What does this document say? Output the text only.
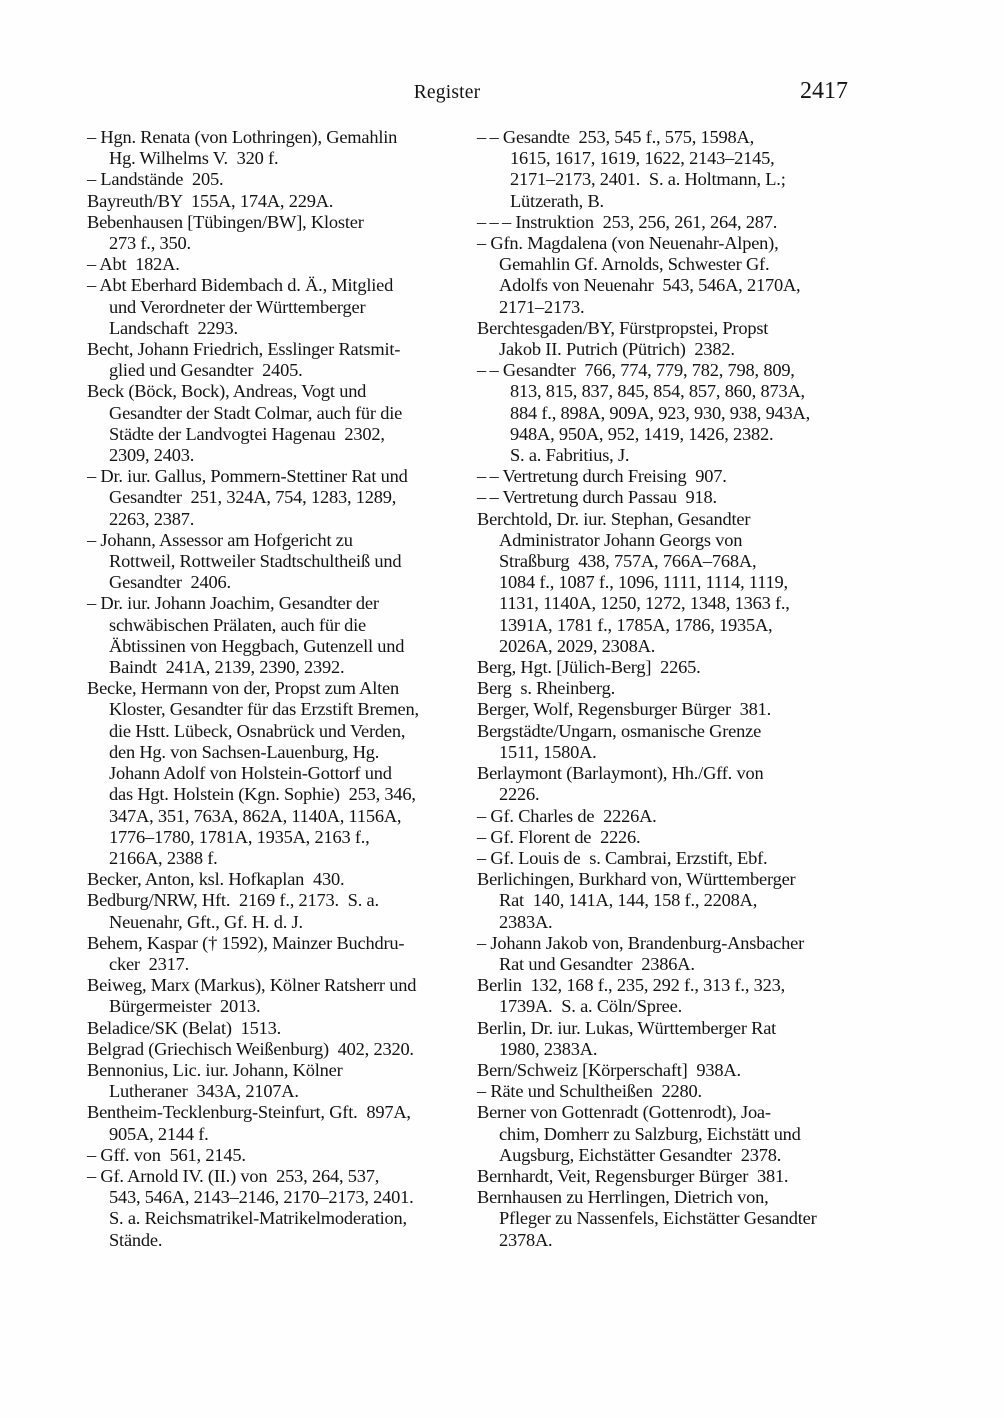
Register	2417
– Hgn. Renata (von Lothringen), Gemahlin
Hg. Wilhelms V.  320 f.
– Landstände  205.
Bayreuth/BY  155A, 174A, 229A.
Bebenhausen [Tübingen/BW], Kloster
273 f., 350.
– Abt  182A.
– Abt Eberhard Bidembach d. Ä., Mitglied
und Verordneter der Württemberger
Landschaft  2293.
Becht, Johann Friedrich, Esslinger Ratsmit-
glied und Gesandter  2405.
Beck (Böck, Bock), Andreas, Vogt und
Gesandter der Stadt Colmar, auch für die
Städte der Landvogtei Hagenau  2302,
2309, 2403.
– Dr. iur. Gallus, Pommern-Stettiner Rat und
Gesandter  251, 324A, 754, 1283, 1289,
2263, 2387.
– Johann, Assessor am Hofgericht zu
Rottweil, Rottweiler Stadtschultheiß und
Gesandter  2406.
– Dr. iur. Johann Joachim, Gesandter der
schwäbischen Prälaten, auch für die
Äbtissinen von Heggbach, Gutenzell und
Baindt  241A, 2139, 2390, 2392.
Becke, Hermann von der, Propst zum Alten
Kloster, Gesandter für das Erzstift Bremen,
die Hstt. Lübeck, Osnabrück und Verden,
den Hg. von Sachsen-Lauenburg, Hg.
Johann Adolf von Holstein-Gottorf und
das Hgt. Holstein (Kgn. Sophie)  253, 346,
347A, 351, 763A, 862A, 1140A, 1156A,
1776–1780, 1781A, 1935A, 2163 f.,
2166A, 2388 f.
Becker, Anton, ksl. Hofkaplan  430.
Bedburg/NRW, Hft.  2169 f., 2173.  S. a.
Neuenahr, Gft., Gf. H. d. J.
Behem, Kaspar († 1592), Mainzer Buchdru-
cker  2317.
Beiweg, Marx (Markus), Kölner Ratsherr und
Bürgermeister  2013.
Beladice/SK (Belat)  1513.
Belgrad (Griechisch Weißenburg)  402, 2320.
Bennonius, Lic. iur. Johann, Kölner
Lutheraner  343A, 2107A.
Bentheim-Tecklenburg-Steinfurt, Gft.  897A,
905A, 2144 f.
– Gff. von  561, 2145.
– Gf. Arnold IV. (II.) von  253, 264, 537,
543, 546A, 2143–2146, 2170–2173, 2401.
S. a. Reichsmatrikel-Matrikelmoderation,
Stände.
– – Gesandte  253, 545 f., 575, 1598A,
1615, 1617, 1619, 1622, 2143–2145,
2171–2173, 2401.  S. a. Holtmann, L.;
Lützerath, B.
– – – Instruktion  253, 256, 261, 264, 287.
– Gfn. Magdalena (von Neuenahr-Alpen),
Gemahlin Gf. Arnolds, Schwester Gf.
Adolfs von Neuenahr  543, 546A, 2170A,
2171–2173.
Berchtesgaden/BY, Fürstpropstei, Propst
Jakob II. Putrich (Pütrich)  2382.
– – Gesandter  766, 774, 779, 782, 798, 809,
813, 815, 837, 845, 854, 857, 860, 873A,
884 f., 898A, 909A, 923, 930, 938, 943A,
948A, 950A, 952, 1419, 1426, 2382.
S. a. Fabritius, J.
– – Vertretung durch Freising  907.
– – Vertretung durch Passau  918.
Berchtold, Dr. iur. Stephan, Gesandter
Administrator Johann Georgs von
Straßburg  438, 757A, 766A–768A,
1084 f., 1087 f., 1096, 1111, 1114, 1119,
1131, 1140A, 1250, 1272, 1348, 1363 f.,
1391A, 1781 f., 1785A, 1786, 1935A,
2026A, 2029, 2308A.
Berg, Hgt. [Jülich-Berg]  2265.
Berg  s. Rheinberg.
Berger, Wolf, Regensburger Bürger  381.
Bergstädte/Ungarn, osmanische Grenze
1511, 1580A.
Berlaymont (Barlaymont), Hh./Gff. von
2226.
– Gf. Charles de  2226A.
– Gf. Florent de  2226.
– Gf. Louis de  s. Cambrai, Erzstift, Ebf.
Berlichingen, Burkhard von, Württemberger
Rat  140, 141A, 144, 158 f., 2208A,
2383A.
– Johann Jakob von, Brandenburg-Ansbacher
Rat und Gesandter  2386A.
Berlin  132, 168 f., 235, 292 f., 313 f., 323,
1739A.  S. a. Cöln/Spree.
Berlin, Dr. iur. Lukas, Württemberger Rat
1980, 2383A.
Bern/Schweiz [Körperschaft]  938A.
– Räte und Schultheißen  2280.
Berner von Gottenradt (Gottenrodt), Joa-
chim, Domherr zu Salzburg, Eichstätt und
Augsburg, Eichstätter Gesandter  2378.
Bernhardt, Veit, Regensburger Bürger  381.
Bernhausen zu Herrlingen, Dietrich von,
Pfleger zu Nassenfels, Eichstätter Gesandter
2378A.
